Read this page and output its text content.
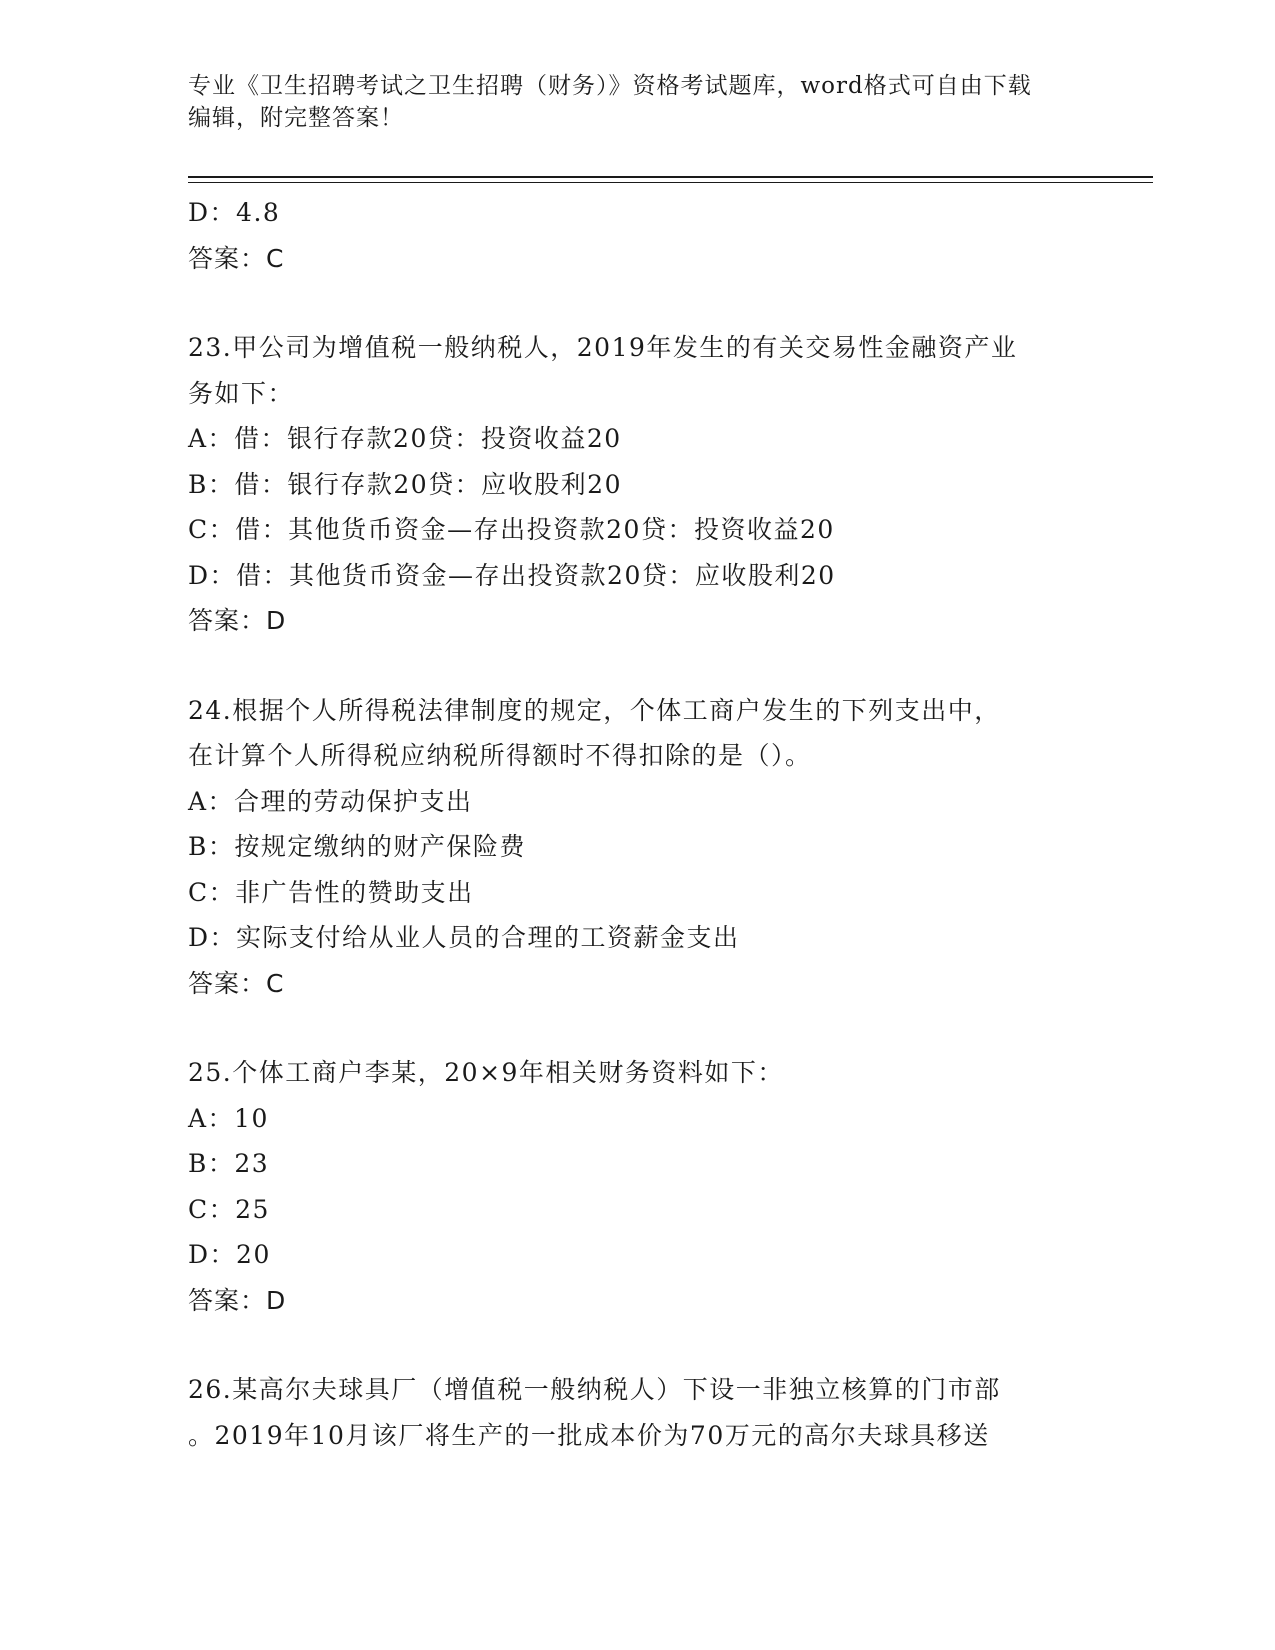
专业《卫生招聘考试之卫生招聘（财务）》资格考试题库，word格式可自由下载
编辑，附完整答案！
D：4.8
答案：C
23.甲公司为增值税一般纳税人，2019年发生的有关交易性金融资产业
务如下：
A：借：银行存款20贷：投资收益20
B：借：银行存款20贷：应收股利20
C：借：其他货币资金—存出投资款20贷：投资收益20
D：借：其他货币资金—存出投资款20贷：应收股利20
答案：D
24.根据个人所得税法律制度的规定，个体工商户发生的下列支出中，
在计算个人所得税应纳税所得额时不得扣除的是（）。
A：合理的劳动保护支出
B：按规定缴纳的财产保险费
C：非广告性的赞助支出
D：实际支付给从业人员的合理的工资薪金支出
答案：C
25.个体工商户李某，20×9年相关财务资料如下：
A：10
B：23
C：25
D：20
答案：D
26.某高尔夫球具厂（增值税一般纳税人）下设一非独立核算的门市部
。2019年10月该厂将生产的一批成本价为70万元的高尔夫球具移送
